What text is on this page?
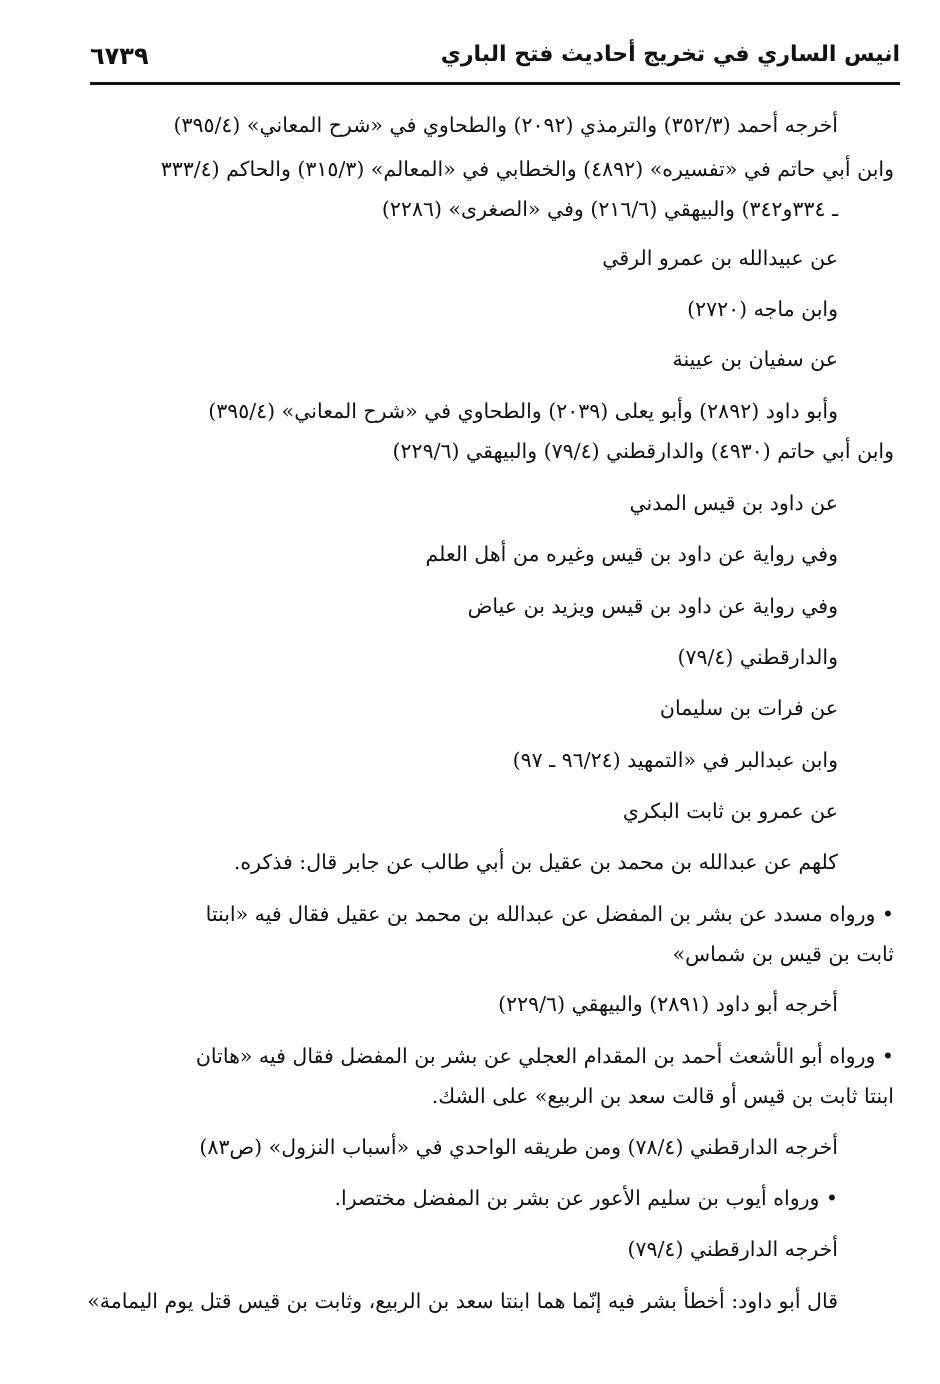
انيس الساري في تخريج أحاديث فتح الباري
٦٧٣٩
أخرجه أحمد (٣٥٢/٣) والترمذي (٢٠٩٢) والطحاوي في «شرح المعاني» (٣٩٥/٤)
وابن أبي حاتم في «تفسيره» (٤٨٩٢) والخطابي في «المعالم» (٣١٥/٣) والحاكم (٣٣٣/٤
ـ ٣٣٤و٣٤٢) والبيهقي (٢١٦/٦) وفي «الصغرى» (٢٢٨٦)
عن عبيدالله بن عمرو الرقي
وابن ماجه (٢٧٢٠)
عن سفيان بن عيينة
وأبو داود (٢٨٩٢) وأبو يعلى (٢٠٣٩) والطحاوي في «شرح المعاني» (٣٩٥/٤)
وابن أبي حاتم (٤٩٣٠) والدارقطني (٧٩/٤) والبيهقي (٢٢٩/٦)
عن داود بن قيس المدني
وفي رواية عن داود بن قيس وغيره من أهل العلم
وفي رواية عن داود بن قيس ويزيد بن عياض
والدارقطني (٧٩/٤)
عن فرات بن سليمان
وابن عبدالبر في «التمهيد (٩٦/٢٤ ـ ٩٧)
عن عمرو بن ثابت البكري
كلهم عن عبدالله بن محمد بن عقيل بن أبي طالب عن جابر قال: فذكره.
• ورواه مسدد عن بشر بن المفضل عن عبدالله بن محمد بن عقيل فقال فيه «ابنتا
ثابت بن قيس بن شماس»
أخرجه أبو داود (٢٨٩١) والبيهقي (٢٢٩/٦)
• ورواه أبو الأشعث أحمد بن المقدام العجلي عن بشر بن المفضل فقال فيه «هاتان
ابنتا ثابت بن قيس أو قالت سعد بن الربيع» على الشك.
أخرجه الدارقطني (٧٨/٤) ومن طريقه الواحدي في «أسباب النزول» (ص٨٣)
• ورواه أيوب بن سليم الأعور عن بشر بن المفضل مختصرا.
أخرجه الدارقطني (٧٩/٤)
قال أبو داود: أخطأ بشر فيه إنّما هما ابنتا سعد بن الربيع، وثابت بن قيس قتل يوم اليمامة»
